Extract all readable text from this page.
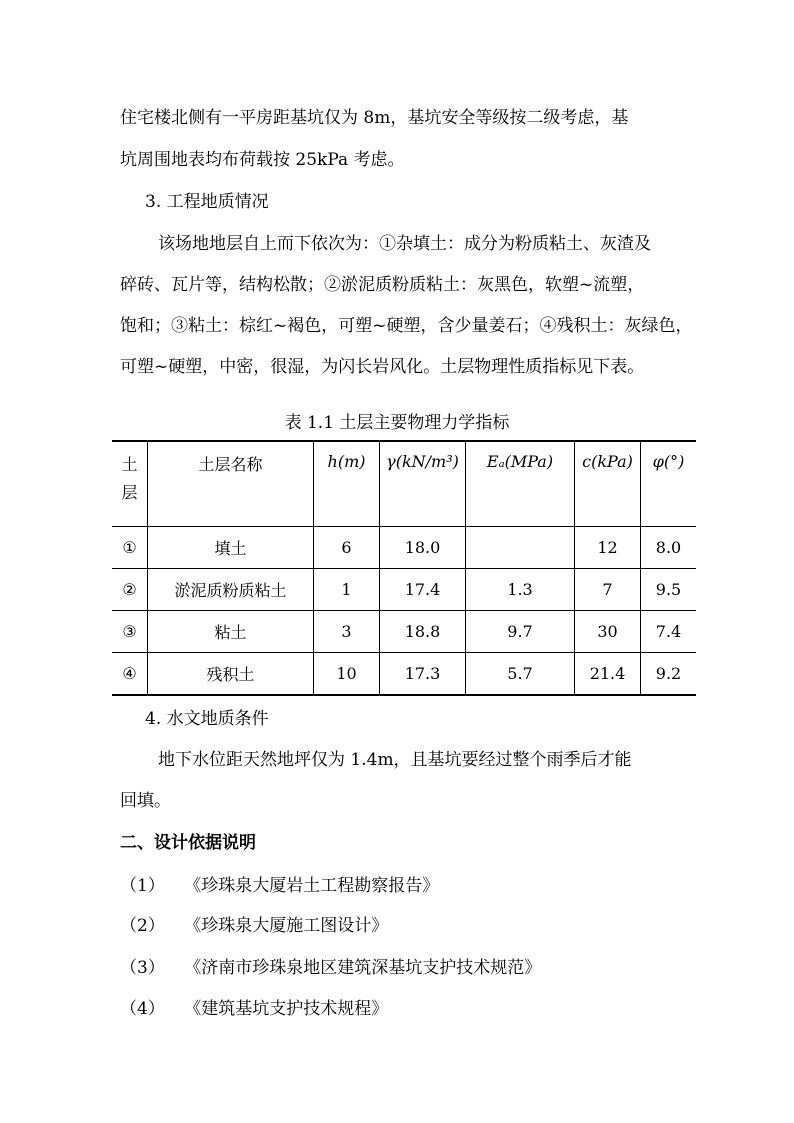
住宅楼北侧有一平房距基坑仅为 8m，基坑安全等级按二级考虑，基
坑周围地表均布荷载按 25kPa 考虑。
3. 工程地质情况
该场地地层自上而下依次为：①杂填土：成分为粉质粘土、灰渣及
碎砖、瓦片等，结构松散；②淤泥质粉质粘土：灰黑色，软塑~流塑，
饱和；③粘土：棕红~褐色，可塑~硬塑，含少量姜石；④残积土：灰绿色，
可塑~硬塑，中密，很湿，为闪长岩风化。土层物理性质指标见下表。
表 1.1 土层主要物理力学指标
土
层	土层名称	h(m)	γ(kN/m³)	Eₐ(MPa)	c(kPa)	φ(°)
①	填土	6	18.0		12	8.0
②	淤泥质粉质粘土	1	17.4	1.3	7	9.5
③	粘土	3	18.8	9.7	30	7.4
④	残积土	10	17.3	5.7	21.4	9.2
4. 水文地质条件
地下水位距天然地坪仅为 1.4m，且基坑要经过整个雨季后才能
回填。
二、设计依据说明
（1） 《珍珠泉大厦岩土工程勘察报告》
（2） 《珍珠泉大厦施工图设计》
（3） 《济南市珍珠泉地区建筑深基坑支护技术规范》
（4） 《建筑基坑支护技术规程》
